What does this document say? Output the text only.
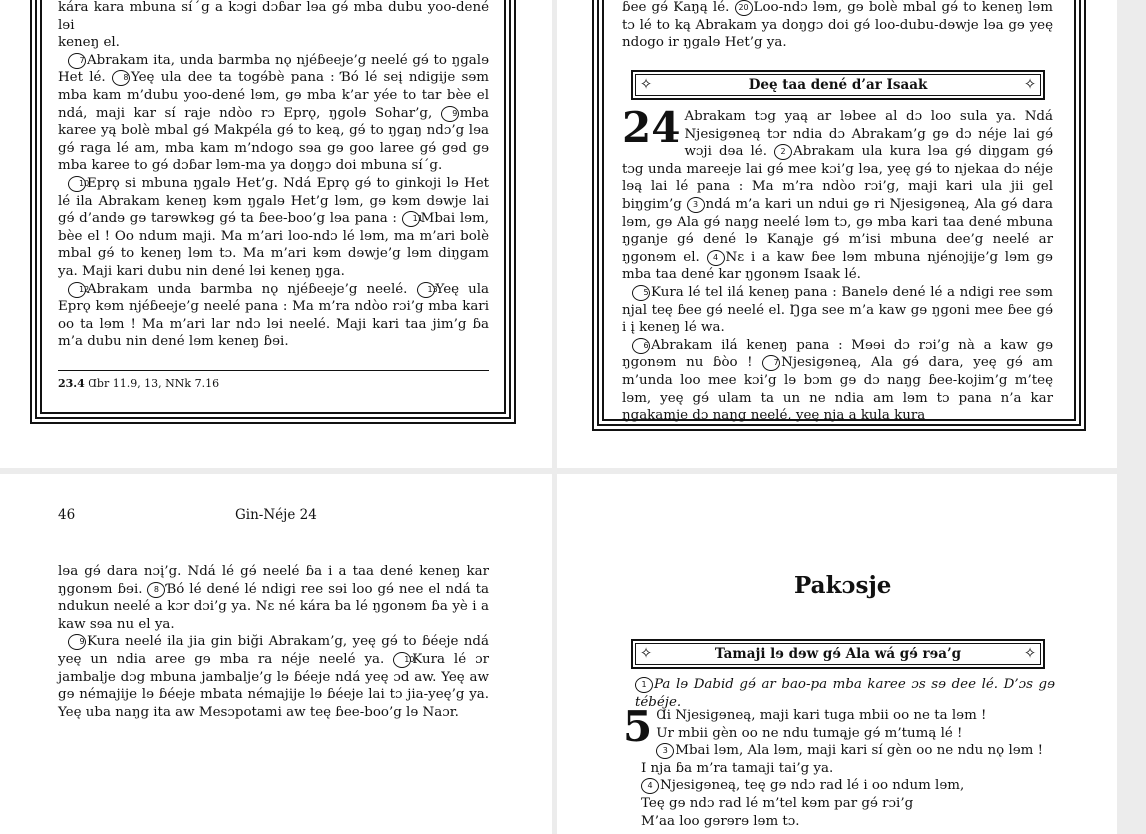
kára kara mbuna síˊg a kɔgi dɔɓar lɘa gɘ́ mba dubu yoo-dené lɘi

keneŋ el.

7 Abrakam ita, unda barmba nǫ njéɓeeje’g neelé gɘ́ to ŋgalɘ Het lé. 8 Yeę ula dee ta togɘ́bè pana : Ɓó lé seį ndigije sɘm mba kam m’dubu yoo-dené lɘm, gɘ mba k’ar yée to tar bèe el ndá, maji kar sí raje ndòo rɔ Eprǫ, ŋgolɘ Sohar’g, 9 mba karee yą bolè mbal gɘ́ Makpéla gɘ́ to keą, gɘ́ to ŋgaŋ ndɔ’g lɘa gɘ́ raga lé am, mba kam m’ndogo sɘa gɘ goo laree gɘ́ gɘd gɘ mba karee to gɘ́ dɔɓar lɘm-ma ya doŋgɔ doi mbuna síˊg.

10Eprǫ si mbuna ŋgalɘ Het’g. Ndá Eprǫ gɘ́ to ginkoji lɘ Het lé ila Abrakam keneŋ kɘm ŋgalɘ Het’g lɘm, gɘ kɘm dɘwje lai gɘ́ d’andɘ gɘ tarɘwkɘg gɘ́ ta ɓee-boo’g lɘa pana : 11Mbai lɘm, bèe el ! Oo ndum maji. Ma m’ari loo-ndɔ lé lɘm, ma m’ari bolè mbal gɘ́ to keneŋ lɘm tɔ. Ma m’ari kɘm dɘwje’g lɘm diŋgam ya. Maji kari dubu nin dené lɘi keneŋ ŋga.

12Abrakam unda barmba nǫ njéɓeeje’g neelé.	13Yeę ula Eprǫ kɘm njéɓeeje’g neelé pana : Ma m’ra ndòo rɔi’g mba kari oo ta lɘm ! Ma m’ari lar ndɔ lɘi neelé. Maji kari taa jim’g ɓa m’a dubu nin dené lɘm keneŋ ɓɘi.

23.4 Ɑbr 11.9, 13, NNk 7.16

ɓee gɘ́ Kaŋą lé. 20 Loo-ndɔ lɘm, gɘ bolè mbal gɘ́ to keneŋ lɘm tɔ lé to ką Abrakam ya doŋgɔ doi gɘ́ loo-dubu-dɘwje lɘa gɘ yeę ndogo ir ŋgalɘ Het’g ya.

✧	Deę taa dené d’ar Isaak	✧

24 Abrakam tɔg yaą ar lɘbee al dɔ loo sula ya. Ndá Njesigɘneą tɔr ndia dɔ Abrakam’g gɘ dɔ néje lai gɘ́ wɔji dɘa lé. 2 Abrakam ula kura lɘa gɘ́ diŋgam gɘ́ tɔg unda mareeje lai gɘ́ mee kɔi’g lɘa, yeę gɘ́ to njekaa dɔ néje lɘą lai lé pana : Ma m’ra ndòo rɔi’g, maji kari ula jii gel biŋgim’g 3 ndá m’a kari un ndui gɘ ri Njesigɘneą, Ala gɘ́ dara lɘm, gɘ Ala gɘ́ naŋg neelé lɘm tɔ, gɘ mba kari taa dené mbuna ŋganje gɘ́ dené lɘ Kanąje gɘ́ m’isi mbuna dee’g neelé ar ŋgonɘm el. 4 Nɛ i a kaw ɓee lɘm mbuna njénojije’g lɘm gɘ mba taa dené kar ŋgonɘm Isaak lé.

5 Kura lé tel ilá keneŋ pana : Banelɘ dené lé a ndigi ree sɘm njal teę ɓee gɘ́ neelé el. Ŋga see m’a kaw gɘ ŋgoni mee ɓee gɘ́ i į keneŋ lé wa.

6 Abrakam ilá keneŋ pana : Mɘɘi dɔ rɔi’g nà a kaw gɘ ŋgonɘm nu ɓòo !	7 Njesigɘneą, Ala gɘ́ dara, yeę gɘ́ am m’unda loo mee kɔi’g lɘ bɔm gɘ dɔ naŋg ɓee-kojim’g m’teę lɘm, yeę gɘ́ ulam ta un ne ndia am lɘm tɔ pana n’a kar ŋgakamje dɔ naŋg neelé, yeę nja a kula kura

46	Gin-Néje 24

lɘa gɘ́ dara nɔį’g. Ndá lé gɘ́ neelé ɓa i a taa dené keneŋ kar ŋgonɘm ɓɘi. 8 Ɓó lé dené lé ndigi ree sɘi loo gɘ́ nee el ndá ta ndukun neelé a kɔr dɔi’g ya. Nɛ né kára ba lé ŋgonɘm ɓa yè i a kaw sɘa nu el ya.

9 Kura neelé ila jia gin biği Abrakam’g, yeę gɘ́ to ɓéeje ndá yeę un ndia aree gɘ mba ra néje neelé ya. 10Kura lé ɔr jambalje dɔg mbuna jambalje’g lɘ ɓéeje ndá yeę ɔd aw. Yeę aw gɘ némajije lɘ ɓéeje mbata némajije lɘ ɓéeje lai tɔ jia-yeę’g ya. Yeę uba naŋg ita aw Mesɔpotami aw teę ɓee-boo’g lɘ Naɔr.

Pakɔsje
✧	Tamaji lɘ dɘw gɘ́ Ala wá gɘ́ rɘa’g	✧
1 Pa lɘ Dabid gɘ́ ar bao-pa mba karee ɔs sɘ dee lé. D’ɔs gɘ tébéje.
5 Ɑi Njesigɘneą, maji kari tuga mbii oo ne ta lɘm !
Ur mbii gèn oo ne ndu tumąje gɘ́ m’tumą lé !
3 Mbai lɘm, Ala lɘm, maji kari sí gèn oo ne ndu nǫ lɘm !
I nja ɓa m’ra tamaji tai’g ya.
4 Njesigɘneą, teę gɘ ndɔ rad lé i oo ndum lɘm,
Teę gɘ ndɔ rad lé m’tel kɘm par gɘ́ rɔi’g
M’aa loo gɘrɘrɘ lɘm tɔ.
